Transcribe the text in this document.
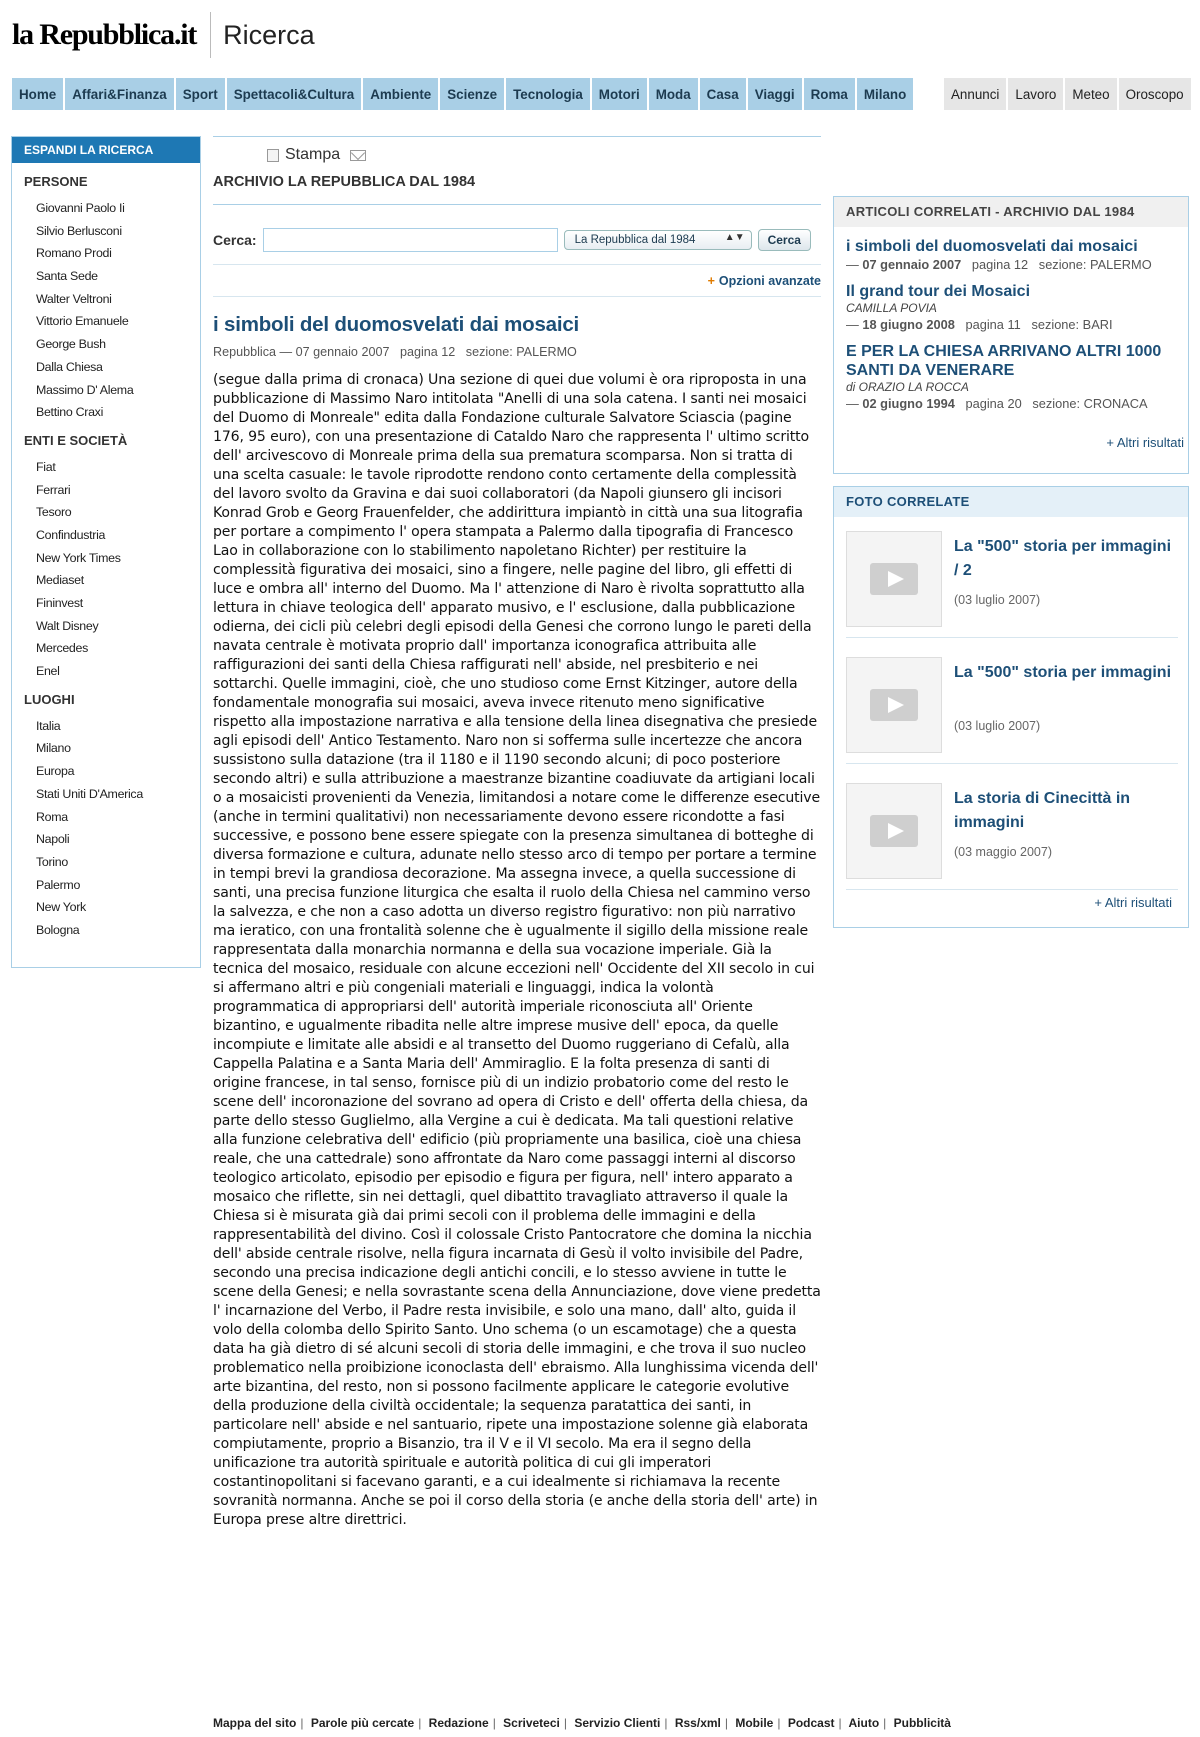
la Repubblica.it Ricerca
Home	Affari&Finanza	Sport	Spettacoli&Cultura	Ambiente	Scienze	Tecnologia	Motori	Moda	Casa	Viaggi	Roma	Milano	Annunci	Lavoro	Meteo	Oroscopo
ESPANDI LA RICERCA
PERSONE
Giovanni Paolo Ii
Silvio Berlusconi
Romano Prodi
Santa Sede
Walter Veltroni
Vittorio Emanuele
George Bush
Dalla Chiesa
Massimo D' Alema
Bettino Craxi
ENTI E SOCIETÀ
Fiat
Ferrari
Tesoro
Confindustria
New York Times
Mediaset
Fininvest
Walt Disney
Mercedes
Enel
LUOGHI
Italia
Milano
Europa
Stati Uniti D'America
Roma
Napoli
Torino
Palermo
New York
Bologna
Stampa
ARCHIVIO LA REPUBBLICA DAL 1984
Cerca:	La Repubblica dal 1984	▲▼	Cerca
+ Opzioni avanzate
i simboli del duomosvelati dai mosaici
Repubblica — 07 gennaio 2007 pagina 12 sezione: PALERMO

(segue dalla prima di cronaca) Una sezione di quei due volumi è ora riproposta in una pubblicazione di Massimo Naro intitolata "Anelli di una sola catena. I santi nei mosaici del Duomo di Monreale" edita dalla Fondazione culturale Salvatore Sciascia (pagine 176, 95 euro), con una presentazione di Cataldo Naro che rappresenta l' ultimo scritto dell' arcivescovo di Monreale prima della sua prematura scomparsa. Non si tratta di una scelta casuale: le tavole riprodotte rendono conto certamente della complessità del lavoro svolto da Gravina e dai suoi collaboratori (da Napoli giunsero gli incisori Konrad Grob e Georg Frauenfelder, che addirittura impiantò in città una sua litografia per portare a compimento l' opera stampata a Palermo dalla tipografia di Francesco Lao in collaborazione con lo stabilimento napoletano Richter) per restituire la complessità figurativa dei mosaici, sino a fingere, nelle pagine del libro, gli effetti di luce e ombra all' interno del Duomo. Ma l' attenzione di Naro è rivolta soprattutto alla lettura in chiave teologica dell' apparato musivo, e l' esclusione, dalla pubblicazione odierna, dei cicli più celebri degli episodi della Genesi che corrono lungo le pareti della navata centrale è motivata proprio dall' importanza iconografica attribuita alle raffigurazioni dei santi della Chiesa raffigurati nell' abside, nel presbiterio e nei sottarchi. Quelle immagini, cioè, che uno studioso come Ernst Kitzinger, autore della fondamentale monografia sui mosaici, aveva invece ritenuto meno significative rispetto alla impostazione narrativa e alla tensione della linea disegnativa che presiede agli episodi dell' Antico Testamento. Naro non si sofferma sulle incertezze che ancora sussistono sulla datazione (tra il 1180 e il 1190 secondo alcuni; di poco posteriore secondo altri) e sulla attribuzione a maestranze bizantine coadiuvate da artigiani locali o a mosaicisti provenienti da Venezia, limitandosi a notare come le differenze esecutive (anche in termini qualitativi) non necessariamente devono essere ricondotte a fasi successive, e possono bene essere spiegate con la presenza simultanea di botteghe di diversa formazione e cultura, adunate nello stesso arco di tempo per portare a termine in tempi brevi la grandiosa decorazione. Ma assegna invece, a quella successione di santi, una precisa funzione liturgica che esalta il ruolo della Chiesa nel cammino verso la salvezza, e che non a caso adotta un diverso registro figurativo: non più narrativo ma ieratico, con una frontalità solenne che è ugualmente il sigillo della missione reale rappresentata dalla monarchia normanna e della sua vocazione imperiale. Già la tecnica del mosaico, residuale con alcune eccezioni nell' Occidente del XII secolo in cui si affermano altri e più congeniali materiali e linguaggi, indica la volontà programmatica di appropriarsi dell' autorità imperiale riconosciuta all' Oriente bizantino, e ugualmente ribadita nelle altre imprese musive dell' epoca, da quelle incompiute e limitate alle absidi e al transetto del Duomo ruggeriano di Cefalù, alla Cappella Palatina e a Santa Maria dell' Ammiraglio. E la folta presenza di santi di origine francese, in tal senso, fornisce più di un indizio probatorio come del resto le scene dell' incoronazione del sovrano ad opera di Cristo e dell' offerta della chiesa, da parte dello stesso Guglielmo, alla Vergine a cui è dedicata. Ma tali questioni relative alla funzione celebrativa dell' edificio (più propriamente una basilica, cioè una chiesa reale, che una cattedrale) sono affrontate da Naro come passaggi interni al discorso teologico articolato, episodio per episodio e figura per figura, nell' intero apparato a mosaico che riflette, sin nei dettagli, quel dibattito travagliato attraverso il quale la Chiesa si è misurata già dai primi secoli con il problema delle immagini e della rappresentabilità del divino. Così il colossale Cristo Pantocratore che domina la nicchia dell' abside centrale risolve, nella figura incarnata di Gesù il volto invisibile del Padre, secondo una precisa indicazione degli antichi concili, e lo stesso avviene in tutte le scene della Genesi; e nella sovrastante scena della Annunciazione, dove viene predetta l' incarnazione del Verbo, il Padre resta invisibile, e solo una mano, dall' alto, guida il volo della colomba dello Spirito Santo. Uno schema (o un escamotage) che a questa data ha già dietro di sé alcuni secoli di storia delle immagini, e che trova il suo nucleo problematico nella proibizione iconoclasta dell' ebraismo. Alla lunghissima vicenda dell' arte bizantina, del resto, non si possono facilmente applicare le categorie evolutive della produzione della civiltà occidentale; la sequenza paratattica dei santi, in particolare nell' abside e nel santuario, ripete una impostazione solenne già elaborata compiutamente, proprio a Bisanzio, tra il V e il VI secolo. Ma era il segno della unificazione tra autorità spirituale e autorità politica di cui gli imperatori costantinopolitani si facevano garanti, e a cui idealmente si richiamava la recente sovranità normanna. Anche se poi il corso della storia (e anche della storia dell' arte) in Europa prese altre direttrici.

ARTICOLI CORRELATI - ARCHIVIO DAL 1984
i simboli del duomosvelati dai mosaici
— 07 gennaio 2007 pagina 12 sezione: PALERMO
Il grand tour dei Mosaici
CAMILLA POVIA
— 18 giugno 2008 pagina 11 sezione: BARI
E PER LA CHIESA ARRIVANO ALTRI 1000 SANTI DA VENERARE
di ORAZIO LA ROCCA
— 02 giugno 1994 pagina 20 sezione: CRONACA
+ Altri risultati
FOTO CORRELATE
La "500" storia per immagini / 2
(03 luglio 2007)
La "500" storia per immagini
(03 luglio 2007)
La storia di Cinecittà in immagini
(03 maggio 2007)
+ Altri risultati
Mappa del sito | Parole più cercate | Redazione | Scriveteci | Servizio Clienti | Rss/xml | Mobile | Podcast | Aiuto | Pubblicità
